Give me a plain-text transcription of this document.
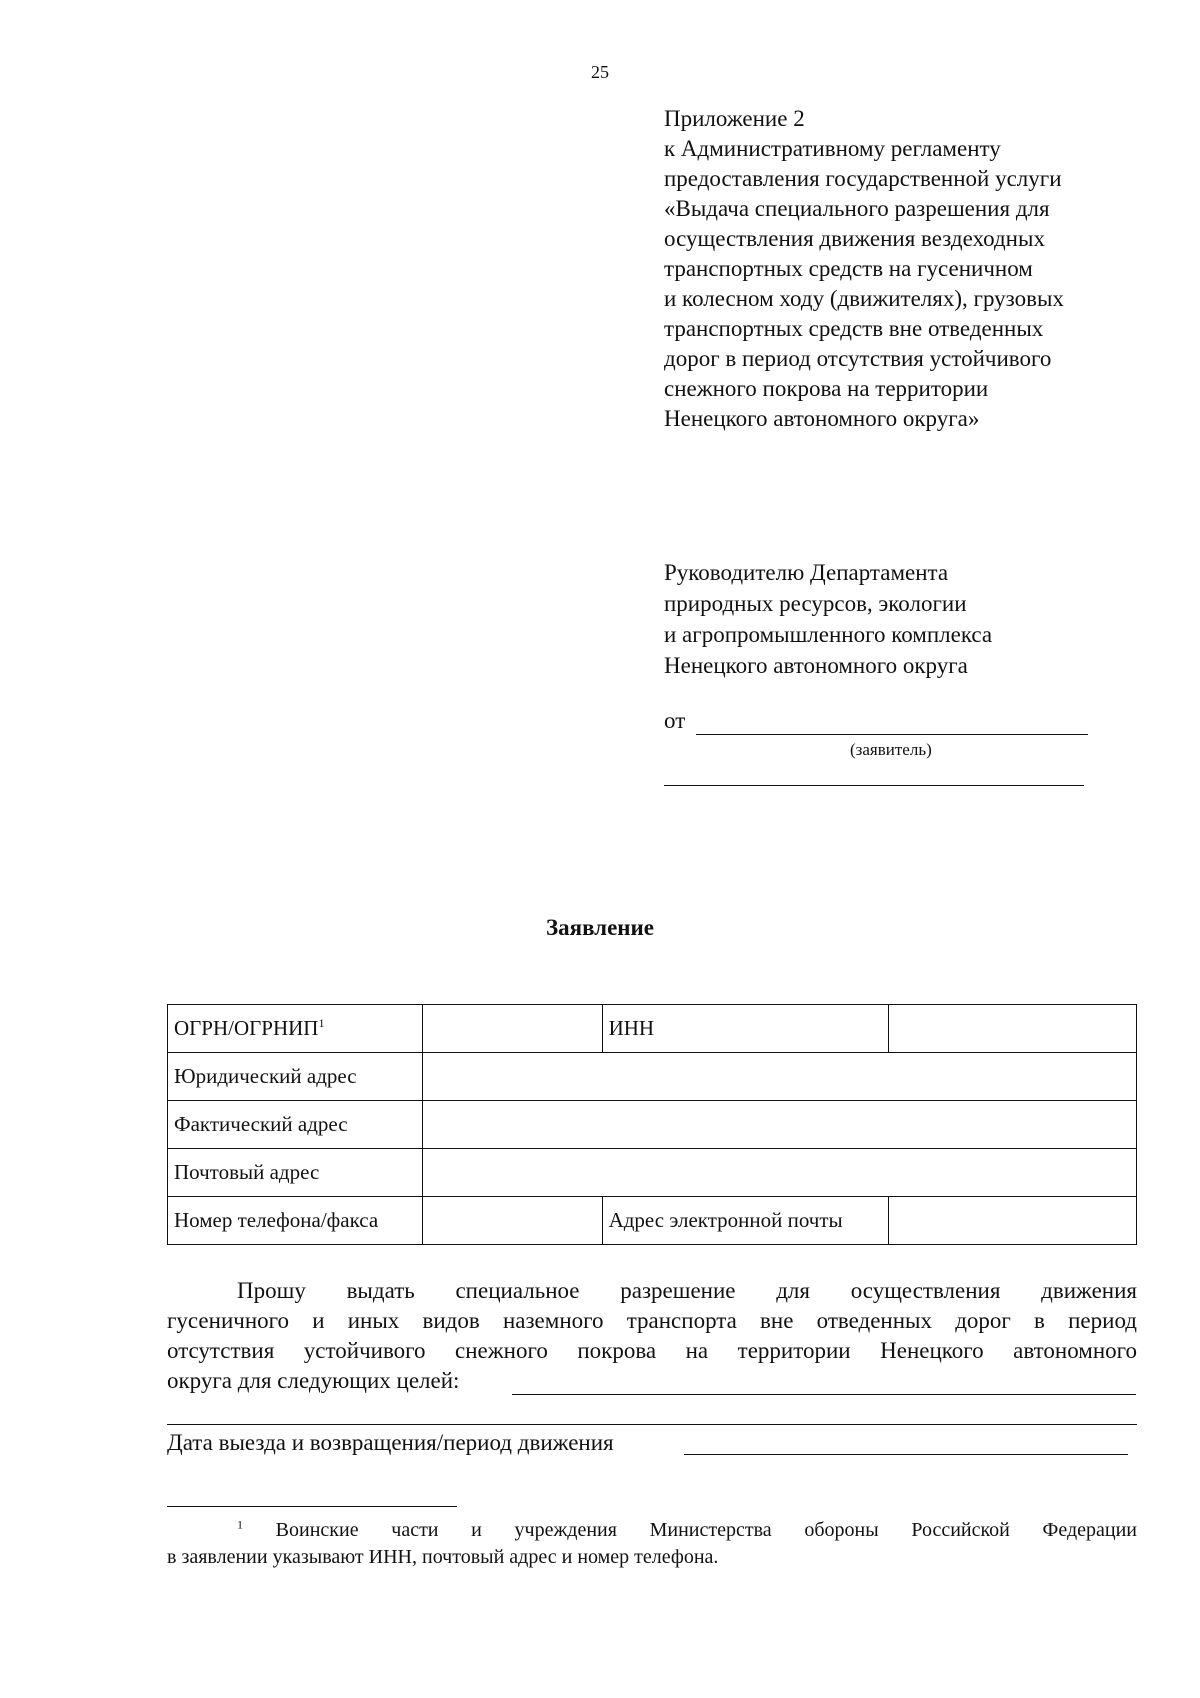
25
Приложение 2
к Административному регламенту
предоставления государственной услуги
«Выдача специального разрешения для
осуществления движения вездеходных
транспортных средств на гусеничном
и колесном ходу (движителях), грузовых
транспортных средств вне отведенных
дорог в период отсутствия устойчивого
снежного покрова на территории
Ненецкого автономного округа»
Руководителю Департамента
природных ресурсов, экологии
и агропромышленного комплекса
Ненецкого автономного округа
от
(заявитель)
Заявление
ОГРН/ОГРНИП$^1$		ИНН	
Юридический адрес			
Фактический адрес			
Почтовый адрес			
Номер телефона/факса		Адрес электронной почты	
Прошу выдать специальное разрешение для осуществления движения
гусеничного и иных видов наземного транспорта вне отведенных дорог в период
отсутствия устойчивого снежного покрова на территории Ненецкого автономного
округа для следующих целей:
Дата выезда и возвращения/период движения
$^1$ Воинские части и учреждения Министерства обороны Российской Федерации
в заявлении указывают ИНН, почтовый адрес и номер телефона.
